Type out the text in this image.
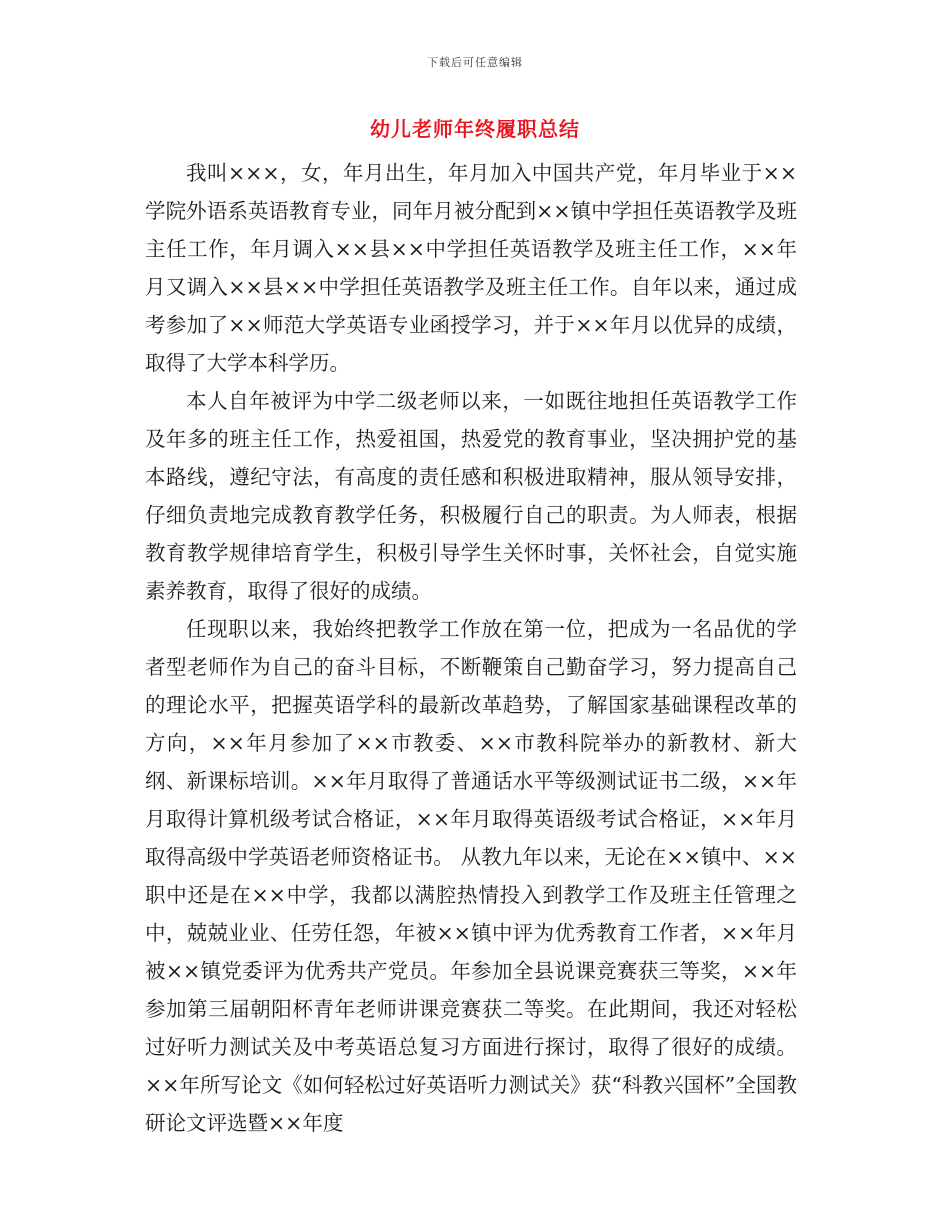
下载后可任意编辑
幼儿老师年终履职总结

我叫×××，女，年月出生，年月加入中国共产党，年月毕业于××学院外语系英语教育专业，同年月被分配到××镇中学担任英语教学及班主任工作，年月调入××县××中学担任英语教学及班主任工作，××年月又调入××县××中学担任英语教学及班主任工作。自年以来，通过成考参加了××师范大学英语专业函授学习，并于××年月以优异的成绩，取得了大学本科学历。

本人自年被评为中学二级老师以来，一如既往地担任英语教学工作及年多的班主任工作，热爱祖国，热爱党的教育事业，坚决拥护党的基本路线，遵纪守法，有高度的责任感和积极进取精神，服从领导安排，仔细负责地完成教育教学任务，积极履行自己的职责。为人师表，根据教育教学规律培育学生，积极引导学生关怀时事，关怀社会，自觉实施素养教育，取得了很好的成绩。

任现职以来，我始终把教学工作放在第一位，把成为一名品优的学者型老师作为自己的奋斗目标，不断鞭策自己勤奋学习，努力提高自己的理论水平，把握英语学科的最新改革趋势，了解国家基础课程改革的方向，××年月参加了××市教委、××市教科院举办的新教材、新大纲、新课标培训。××年月取得了普通话水平等级测试证书二级，××年月取得计算机级考试合格证，××年月取得英语级考试合格证，××年月取得高级中学英语老师资格证书。 从教九年以来，无论在××镇中、××职中还是在××中学，我都以满腔热情投入到教学工作及班主任管理之中，兢兢业业、任劳任怨，年被××镇中评为优秀教育工作者，××年月被××镇党委评为优秀共产党员。年参加全县说课竞赛获三等奖，××年参加第三届朝阳杯青年老师讲课竞赛获二等奖。在此期间，我还对轻松过好听力测试关及中考英语总复习方面进行探讨，取得了很好的成绩。××年所写论文《如何轻松过好英语听力测试关》获“科教兴国杯”全国教研论文评选暨××年度
